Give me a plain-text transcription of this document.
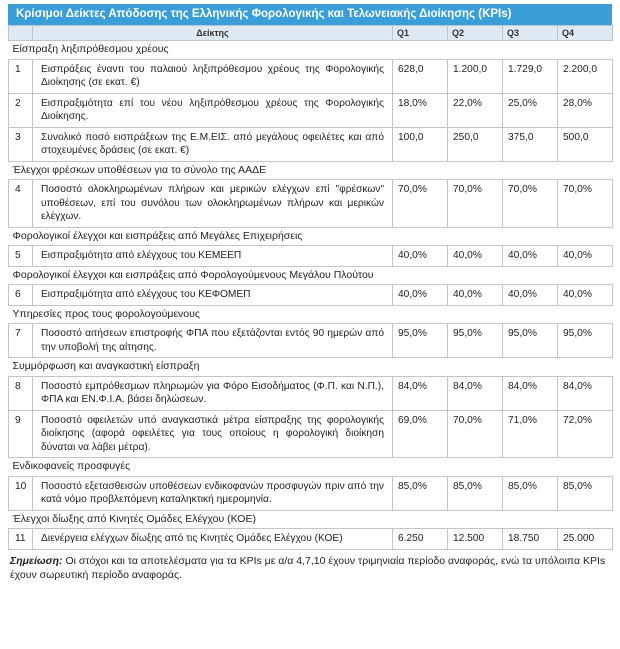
Κρίσιμοι Δείκτες Απόδοσης της Ελληνικής Φορολογικής και Τελωνειακής Διοίκησης (KPIs)
	Δείκτης	Q1	Q2	Q3	Q4
Είσπραξη ληξιπρόθεσμου χρέους					
1	Εισπράξεις έναντι του παλαιού ληξιπρόθεσμου χρέους της Φορολογικής Διοίκησης (σε εκατ. €)	628,0	1.200,0	1.729,0	2.200,0
2	Εισπραξιμότητα επί του νέου ληξιπρόθεσμου χρέους της Φορολογικής Διοίκησης.	18,0%	22,0%	25,0%	28,0%
3	Συνολικό ποσό εισπράξεων της Ε.Μ.ΕΙΣ. από μεγάλους οφειλέτες και από στοχευμένες δράσεις (σε εκατ. €)	100,0	250,0	375,0	500,0
Έλεγχοι φρέσκων υποθέσεων για το σύνολο της ΑΑΔΕ					
4	Ποσοστό ολοκληρωμένων πλήρων και μερικών ελέγχων επί "φρέσκων" υποθέσεων, επί του συνόλου των ολοκληρωμένων πλήρων και μερικών ελέγχων.	70,0%	70,0%	70,0%	70,0%
Φορολογικοί έλεγχοι και εισπράξεις από Μεγάλες Επιχειρήσεις					
5	Εισπραξιμότητα από ελέγχους του ΚΕΜΕΕΠ	40,0%	40,0%	40,0%	40,0%
Φορολογικοί έλεγχοι και εισπράξεις από Φορολογούμενους Μεγάλου Πλούτου					
6	Εισπραξιμότητα από ελέγχους του ΚΕΦΟΜΕΠ	40,0%	40,0%	40,0%	40,0%
Υπηρεσίες προς τους φορολογούμενους					
7	Ποσοστό αιτήσεων επιστροφής ΦΠΑ που εξετάζονται εντός 90 ημερών από την υποβολή της αίτησης.	95,0%	95,0%	95,0%	95,0%
Συμμόρφωση και αναγκαστική είσπραξη					
8	Ποσοστό εμπρόθεσμων πληρωμών για Φόρο Εισοδήματος (Φ.Π. και Ν.Π.), ΦΠΑ και ΕΝ.Φ.Ι.Α. βάσει δηλώσεων.	84,0%	84,0%	84,0%	84,0%
9	Ποσοστό οφειλετών υπό αναγκαστικά μέτρα είσπραξης της φορολογικής διοίκησης (αφορά οφειλέτες για τους οποίους η φορολογική διοίκηση δύναται να λάβει μέτρα).	69,0%	70,0%	71,0%	72,0%
Ενδικοφανείς προσφυγές					
10	Ποσοστό εξετασθεισών υποθέσεων ενδικοφανών προσφυγών πριν από την κατά νόμο προβλεπόμενη καταληκτική ημερομηνία.	85,0%	85,0%	85,0%	85,0%
Έλεγχοι δίωξης από Κινητές Ομάδες Ελέγχου (ΚΟΕ)					
11	Διενέργεια ελέγχων δίωξης από τις Κινητές Ομάδες Ελέγχου (ΚΟΕ)	6.250	12.500	18.750	25.000
Σημείωση: Οι στόχοι και τα αποτελέσματα για τα KPIs με α/α 4,7,10 έχουν τριμηνιαία περίοδο αναφοράς, ενώ τα υπόλοιπα KPIs έχουν σωρευτική περίοδο αναφοράς.
